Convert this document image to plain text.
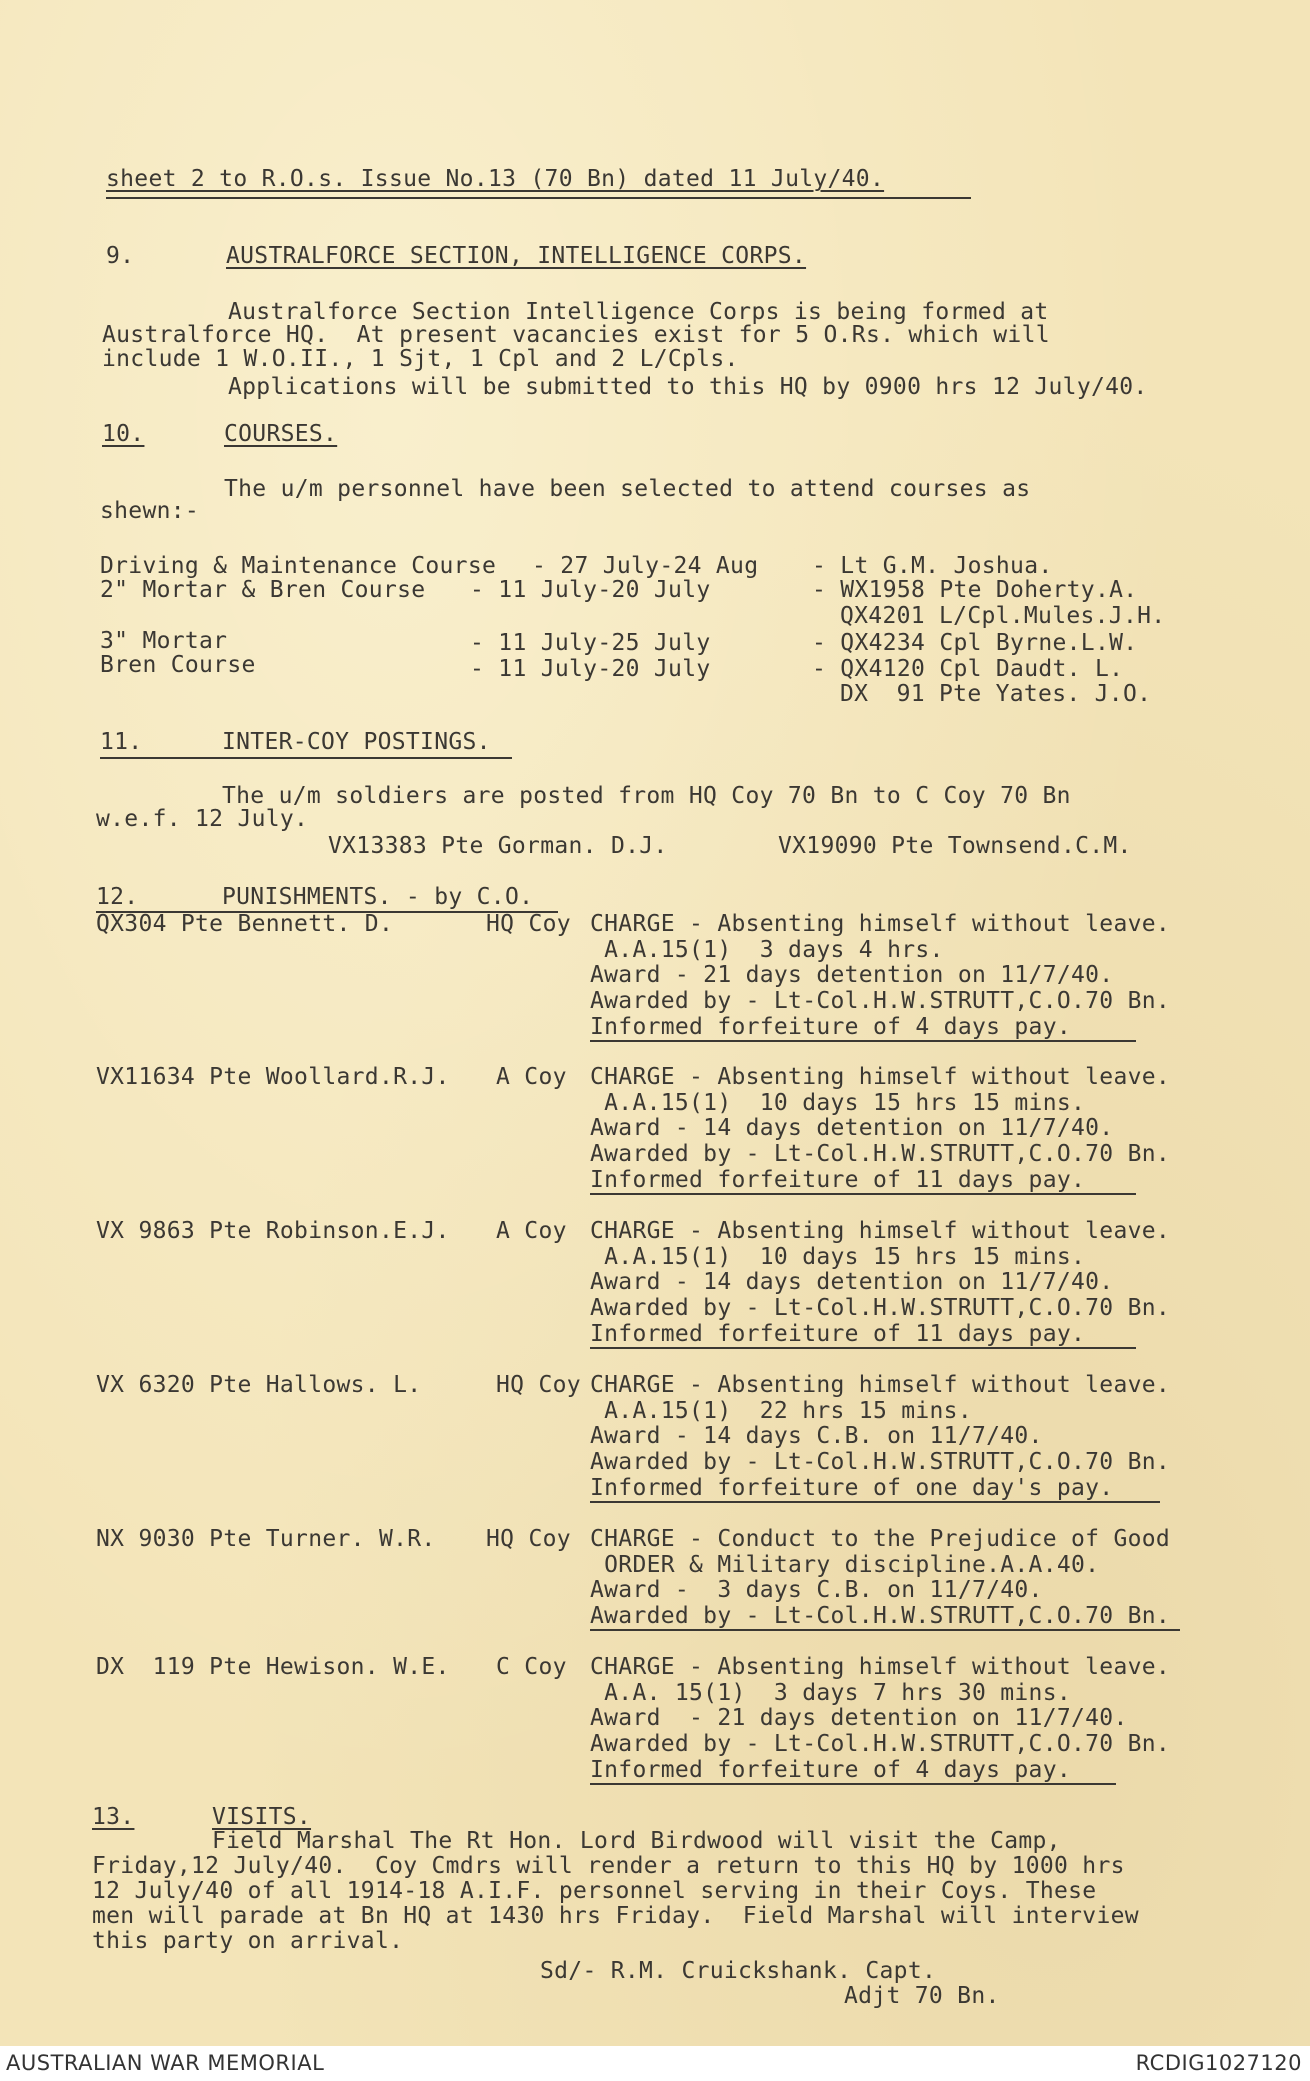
sheet 2 to R.O.s. Issue No.13 (70 Bn) dated 11 July/40.
9.	AUSTRALFORCE SECTION, INTELLIGENCE CORPS.
Australforce Section Intelligence Corps is being formed at
Australforce HQ.  At present vacancies exist for 5 O.Rs. which will
include 1 W.O.II., 1 Sjt, 1 Cpl and 2 L/Cpls.
Applications will be submitted to this HQ by 0900 hrs 12 July/40.
10.	COURSES.
The u/m personnel have been selected to attend courses as
shewn:-
Driving & Maintenance Course - 27 July-24 Aug - Lt G.M. Joshua.
2" Mortar & Bren Course - 11 July-20 July	- WX1958 Pte Doherty.A.
QX4201 L/Cpl.Mules.J.H.
3" Mortar	- 11 July-25 July	- QX4234 Cpl Byrne.L.W.
Bren Course	- 11 July-20 July	- QX4120 Cpl Daudt. L.
DX  91 Pte Yates. J.O.
11.	INTER-COY POSTINGS.
The u/m soldiers are posted from HQ Coy 70 Bn to C Coy 70 Bn
w.e.f. 12 July.
VX13383 Pte Gorman. D.J.	VX19090 Pte Townsend.C.M.
12.	PUNISHMENTS. - by C.O.
QX304 Pte Bennett. D.	HQ Coy CHARGE - Absenting himself without leave.
A.A.15(1)  3 days 4 hrs.
Award - 21 days detention on 11/7/40.
Awarded by - Lt-Col.H.W.STRUTT,C.O.70 Bn.
Informed forfeiture of 4 days pay.
VX11634 Pte Woollard.R.J. A Coy CHARGE - Absenting himself without leave.
A.A.15(1)  10 days 15 hrs 15 mins.
Award - 14 days detention on 11/7/40.
Awarded by - Lt-Col.H.W.STRUTT,C.O.70 Bn.
Informed forfeiture of 11 days pay.
VX 9863 Pte Robinson.E.J. A Coy CHARGE - Absenting himself without leave.
A.A.15(1)  10 days 15 hrs 15 mins.
Award - 14 days detention on 11/7/40.
Awarded by - Lt-Col.H.W.STRUTT,C.O.70 Bn.
Informed forfeiture of 11 days pay.
VX 6320 Pte Hallows. L.	HQ Coy CHARGE - Absenting himself without leave.
A.A.15(1)  22 hrs 15 mins.
Award - 14 days C.B. on 11/7/40.
Awarded by - Lt-Col.H.W.STRUTT,C.O.70 Bn.
Informed forfeiture of one day's pay.
NX 9030 Pte Turner. W.R. HQ Coy CHARGE - Conduct to the Prejudice of Good
ORDER & Military discipline.A.A.40.
Award -  3 days C.B. on 11/7/40.
Awarded by - Lt-Col.H.W.STRUTT,C.O.70 Bn.
DX  119 Pte Hewison. W.E. C Coy CHARGE - Absenting himself without leave.
A.A. 15(1)  3 days 7 hrs 30 mins.
Award  - 21 days detention on 11/7/40.
Awarded by - Lt-Col.H.W.STRUTT,C.O.70 Bn.
Informed forfeiture of 4 days pay.
13.	VISITS.
Field Marshal The Rt Hon. Lord Birdwood will visit the Camp,
Friday,12 July/40.  Coy Cmdrs will render a return to this HQ by 1000 hrs
12 July/40 of all 1914-18 A.I.F. personnel serving in their Coys. These
men will parade at Bn HQ at 1430 hrs Friday.  Field Marshal will interview
this party on arrival.
Sd/- R.M. Cruickshank. Capt.
Adjt 70 Bn.
AUSTRALIAN WAR MEMORIAL	RCDIG1027120
